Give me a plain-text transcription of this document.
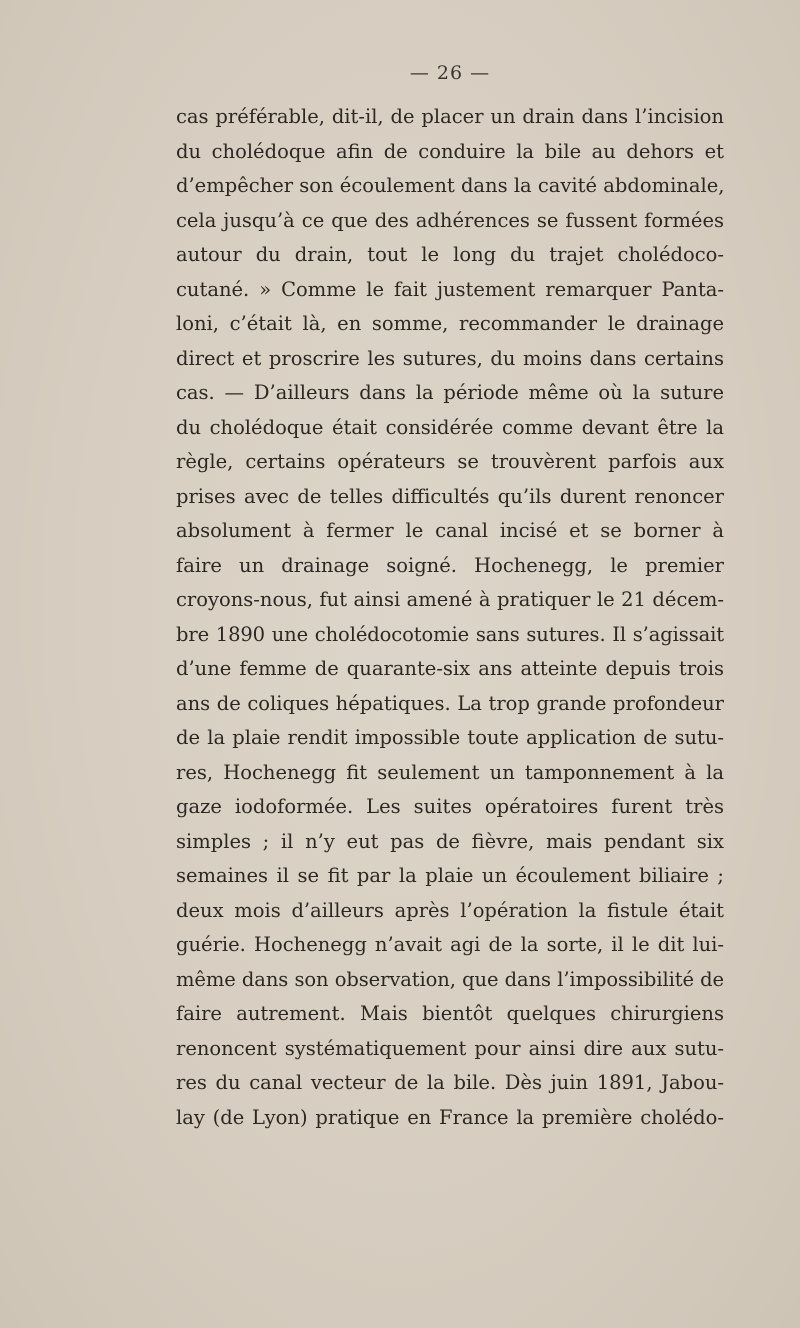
— 26 —
cas préférable, dit-il, de placer un drain dans l’incision
du cholédoque afin de conduire la bile au dehors et
d’empêcher son écoulement dans la cavité abdominale,
cela jusqu’à ce que des adhérences se fussent formées
autour du drain, tout le long du trajet cholédoco-
cutané. » Comme le fait justement remarquer Panta-
loni, c’était là, en somme, recommander le drainage
direct et proscrire les sutures, du moins dans certains
cas. — D’ailleurs dans la période même où la suture
du cholédoque était considérée comme devant être la
règle, certains opérateurs se trouvèrent parfois aux
prises avec de telles difficultés qu’ils durent renoncer
absolument à fermer le canal incisé et se borner à
faire un drainage soigné. Hochenegg, le premier
croyons-nous, fut ainsi amené à pratiquer le 21 décem-
bre 1890 une cholédocotomie sans sutures. Il s’agissait
d’une femme de quarante-six ans atteinte depuis trois
ans de coliques hépatiques. La trop grande profondeur
de la plaie rendit impossible toute application de sutu-
res, Hochenegg fit seulement un tamponnement à la
gaze iodoformée. Les suites opératoires furent très
simples ; il n’y eut pas de fièvre, mais pendant six
semaines il se fit par la plaie un écoulement biliaire ;
deux mois d’ailleurs après l’opération la fistule était
guérie. Hochenegg n’avait agi de la sorte, il le dit lui-
même dans son observation, que dans l’impossibilité de
faire autrement. Mais bientôt quelques chirurgiens
renoncent systématiquement pour ainsi dire aux sutu-
res du canal vecteur de la bile. Dès juin 1891, Jabou-
lay (de Lyon) pratique en France la première cholédo-
